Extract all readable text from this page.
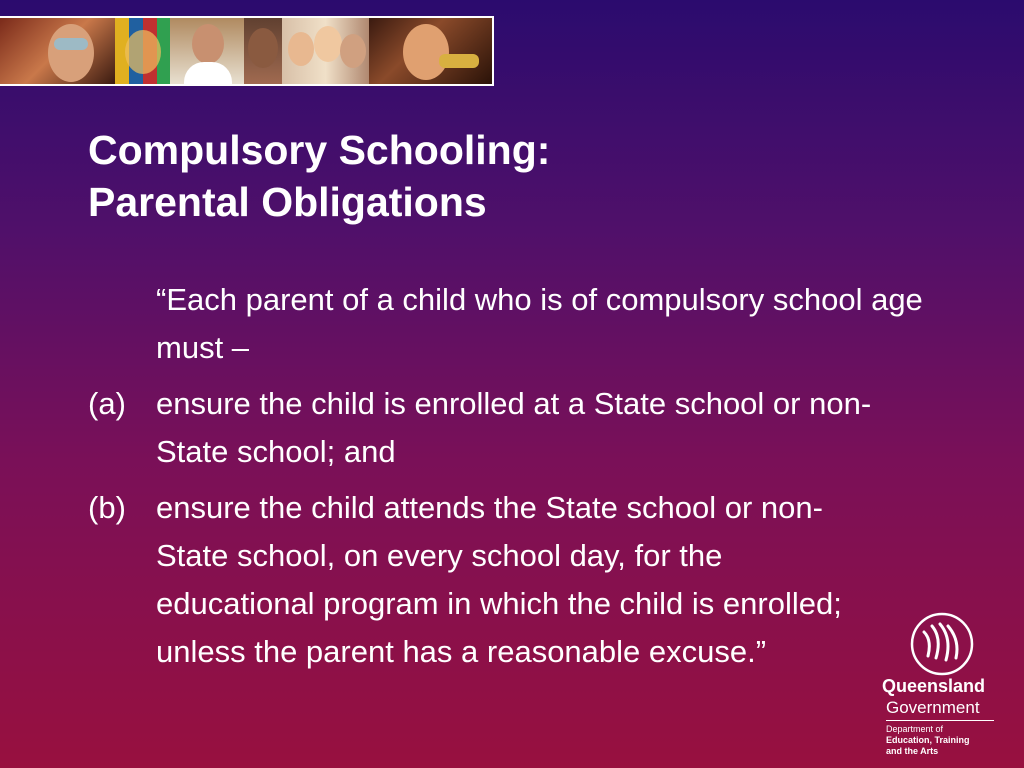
Compulsory Schooling:
Parental Obligations
“Each parent of a child who is of compulsory school age must –
(a) ensure the child is enrolled at a State school or non-State school; and
(b) ensure the child attends the State school or non-State school, on every school day, for the educational program in which the child is enrolled; unless the parent has a reasonable excuse.”
Queensland
Government
Department of
Education, Training
and the Arts
